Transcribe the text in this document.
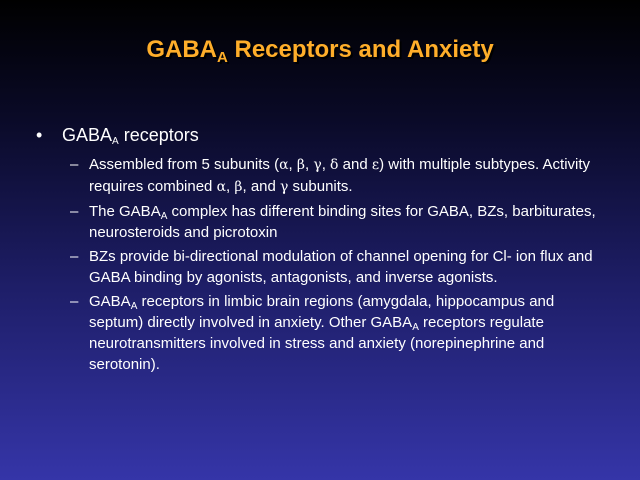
$GABA_A$ Receptors and Anxiety
•	$GABA_A$ receptors
– Assembled from 5 subunits (α, β, γ, δ and ε) with multiple subtypes. Activity requires combined α, β, and γ subunits.
– The $GABA_A$ complex has different binding sites for GABA, BZs, barbiturates, neurosteroids and picrotoxin
– BZs provide bi-directional modulation of channel opening for Cl- ion flux and GABA binding by agonists, antagonists, and inverse agonists.
– $GABA_A$ receptors in limbic brain regions (amygdala, hippocampus and septum) directly involved in anxiety. Other $GABA_A$ receptors regulate neurotransmitters involved in stress and anxiety (norepinephrine and serotonin).
